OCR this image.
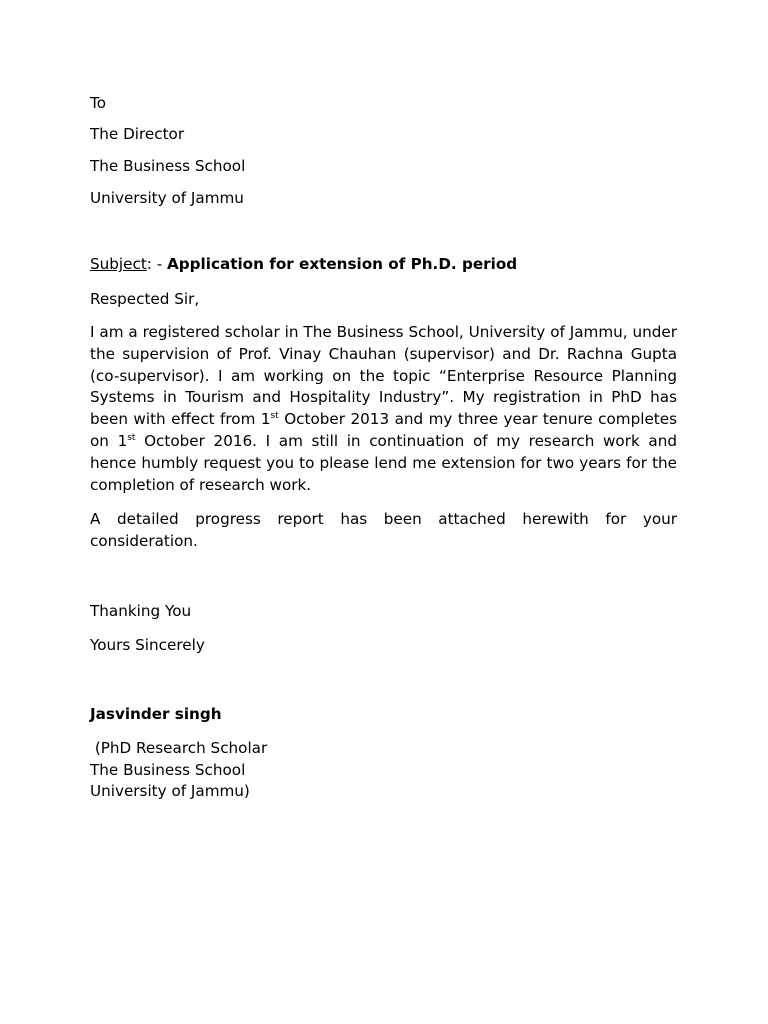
To
The Director
The Business School
University of Jammu
Subject: - Application for extension of Ph.D. period
Respected Sir,
I am a registered scholar in The Business School, University of Jammu, under the supervision of Prof. Vinay Chauhan (supervisor) and Dr. Rachna Gupta (co-supervisor). I am working on the topic “Enterprise Resource Planning Systems in Tourism and Hospitality Industry”. My registration in PhD has been with effect from 1st October 2013 and my three year tenure completes on 1st October 2016. I am still in continuation of my research work and hence humbly request you to please lend me extension for two years for the completion of research work.
A detailed progress report has been attached herewith for your consideration.
Thanking You
Yours Sincerely
Jasvinder singh
(PhD Research Scholar
The Business School
University of Jammu)
